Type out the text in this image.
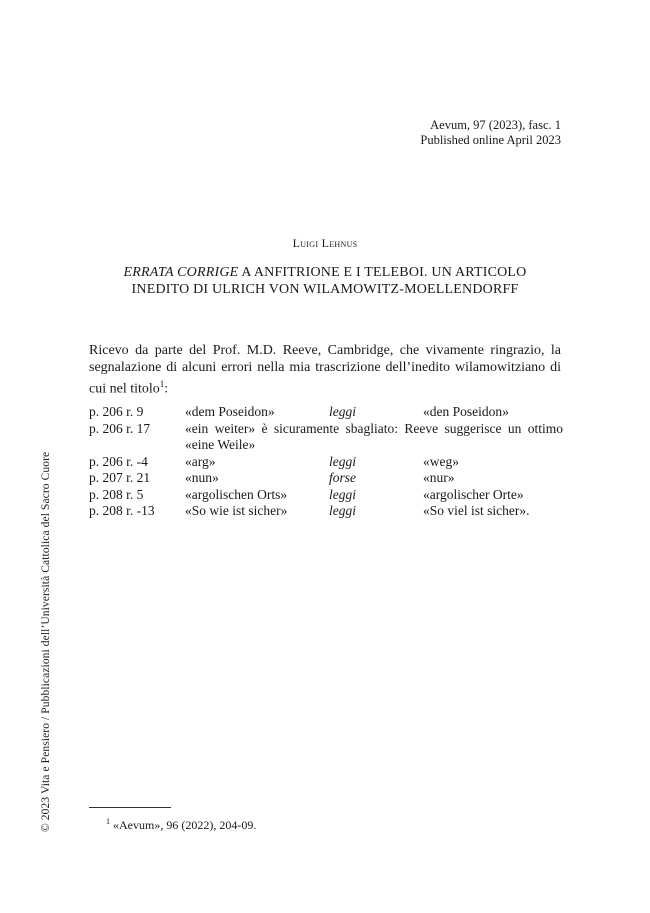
Aevum, 97 (2023), fasc. 1
Published online April 2023
Luigi Lehnus
ERRATA CORRIGE A ANFITRIONE E I TELEBOI. UN ARTICOLO
INEDITO DI ULRICH VON WILAMOWITZ-MOELLENDORFF
Ricevo da parte del Prof. M.D. Reeve, Cambridge, che vivamente ringrazio, la segnalazione di alcuni errori nella mia trascrizione dell’inedito wilamowitziano di cui nel titolo$^1$:
p. 206 r. 9	«dem Poseidon»	leggi	«den Poseidon»
p. 206 r. 17	«ein weiter» è sicuramente sbagliato: Reeve suggerisce un ottimo «eine Weile»
p. 206 r. -4	«arg»	leggi	«weg»
p. 207 r. 21	«nun»	forse	«nur»
p. 208 r. 5	«argolischen Orts»	leggi	«argolischer Orte»
p. 208 r. -13 «So wie ist sicher»	leggi	«So viel ist sicher».
$^1$ «Aevum», 96 (2022), 204-09.
© 2023 Vita e Pensiero / Pubblicazioni dell’Università Cattolica del Sacro Cuore
